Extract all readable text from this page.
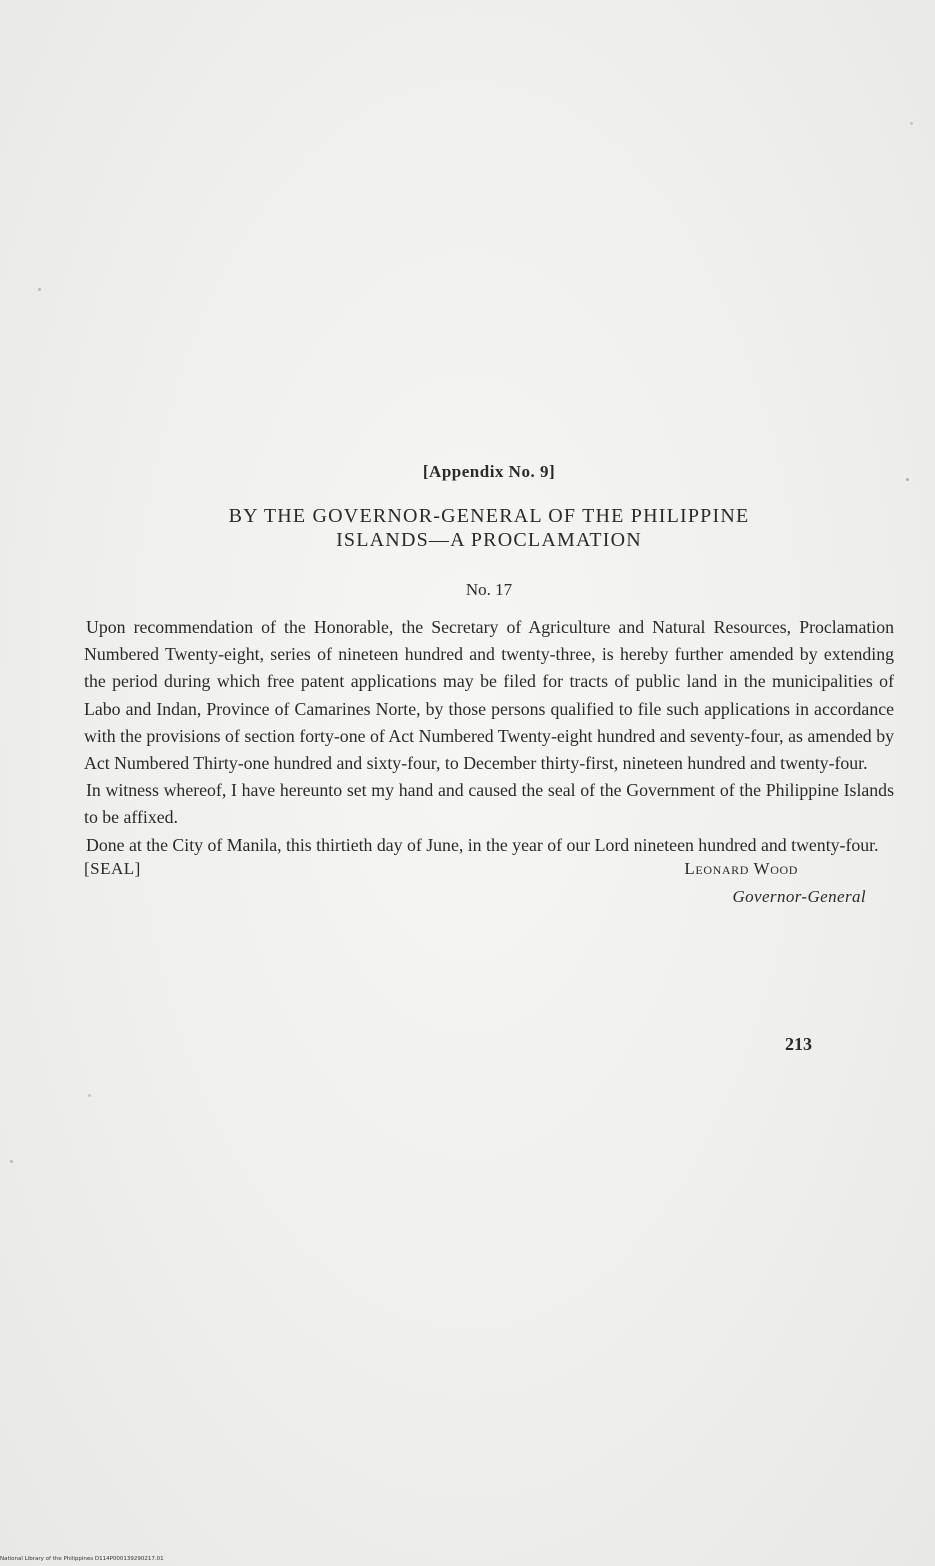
[Appendix No. 9]
BY THE GOVERNOR-GENERAL OF THE PHILIPPINE
ISLANDS—A PROCLAMATION
No. 17

Upon recommendation of the Honorable, the Secretary of Agriculture and Natural Resources, Proclamation Numbered Twenty-eight, series of nineteen hundred and twenty-three, is hereby further amended by extending the period during which free patent applications may be filed for tracts of public land in the municipalities of Labo and Indan, Province of Camarines Norte, by those persons qualified to file such applications in accordance with the provisions of section forty-one of Act Numbered Twenty-eight hundred and seventy-four, as amended by Act Numbered Thirty-one hundred and sixty-four, to December thirty-first, nineteen hundred and twenty-four.

In witness whereof, I have hereunto set my hand and caused the seal of the Government of the Philippine Islands to be affixed.

Done at the City of Manila, this thirtieth day of June, in the year of our Lord nineteen hundred and twenty-four.

[SEAL]	Leonard Wood
Governor-General
213
National Library of the Philippines D114P000139290217.01
